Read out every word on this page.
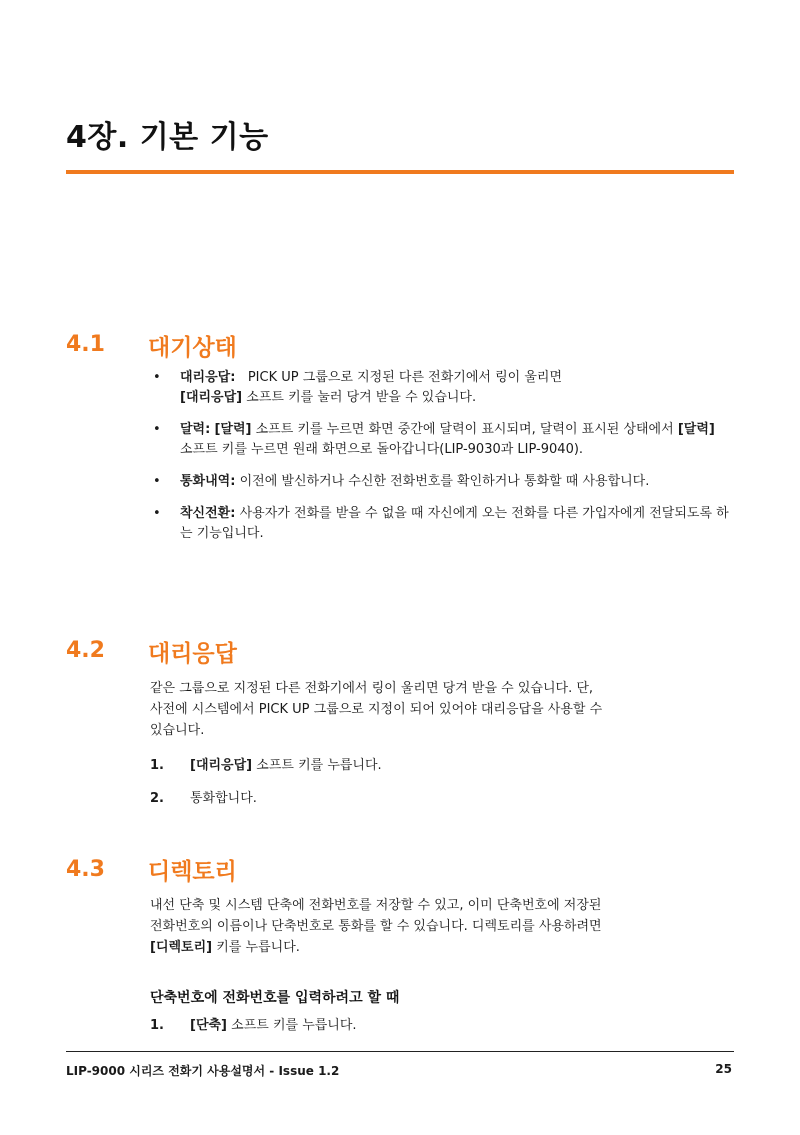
4장. 기본 기능
4.1 대기상태
• 대리응답: PICK UP 그룹으로 지정된 다른 전화기에서 링이 울리면
[대리응답] 소프트 키를 눌러 당겨 받을 수 있습니다.
• 달력: [달력] 소프트 키를 누르면 화면 중간에 달력이 표시되며, 달력이 표시된 상태에서 [달력] 소프트 키를 누르면 원래 화면으로 돌아갑니다(LIP-9030과 LIP-9040).
• 통화내역: 이전에 발신하거나 수신한 전화번호를 확인하거나 통화할 때 사용합니다.
• 착신전환: 사용자가 전화를 받을 수 없을 때 자신에게 오는 전화를 다른 가입자에게 전달되도록 하는 기능입니다.
4.2 대리응답
같은 그룹으로 지정된 다른 전화기에서 링이 울리면 당겨 받을 수 있습니다. 단,
사전에 시스템에서 PICK UP 그룹으로 지정이 되어 있어야 대리응답을 사용할 수
있습니다.
1. [대리응답] 소프트 키를 누릅니다.
2. 통화합니다.
4.3 디렉토리
내선 단축 및 시스템 단축에 전화번호를 저장할 수 있고, 이미 단축번호에 저장된
전화번호의 이름이나 단축번호로 통화를 할 수 있습니다. 디렉토리를 사용하려면
[디렉토리] 키를 누릅니다.
단축번호에 전화번호를 입력하려고 할 때
1. [단축] 소프트 키를 누릅니다.
LIP-9000 시리즈 전화기 사용설명서 - Issue 1.2	25
